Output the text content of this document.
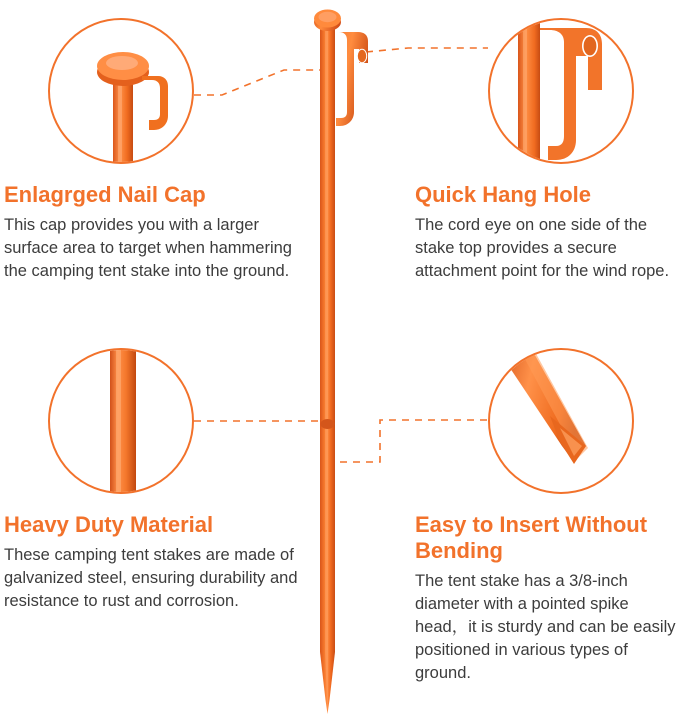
Enlagrged Nail Cap

This cap provides you with a larger surface area to target when hammering the camping tent stake into the ground.

Quick Hang Hole

The cord eye on one side of the stake top provides a secure attachment point for the wind rope.

Heavy Duty Material

These camping tent stakes are made of galvanized steel, ensuring durability and resistance to rust and corrosion.

Easy to Insert Without Bending

The tent stake has a 3/8-inch diameter with a pointed spike head，it is sturdy and can be easily positioned in various types of ground.
